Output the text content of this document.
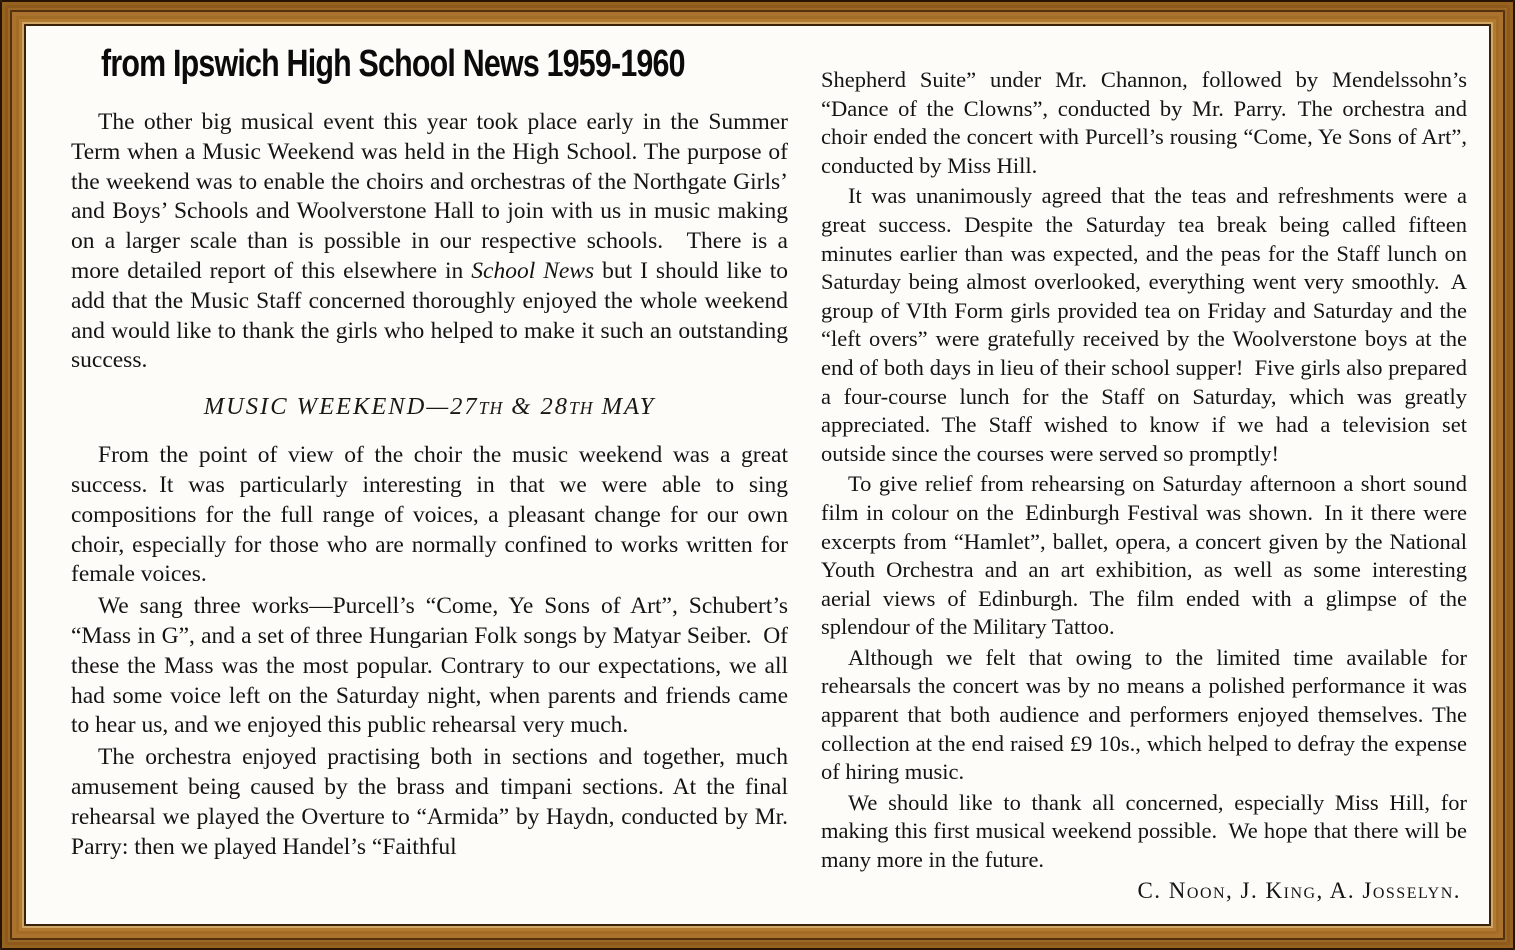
from Ipswich High School News 1959-1960

The other big musical event this year took place early in the Summer Term when a Music Weekend was held in the High School. The purpose of the weekend was to enable the choirs and orchestras of the Northgate Girls’ and Boys’ Schools and Woolverstone Hall to join with us in music making on a larger scale than is possible in our respective schools.  There is a more detailed report of this elsewhere in School News but I should like to add that the Music Staff concerned thoroughly enjoyed the whole weekend and would like to thank the girls who helped to make it such an outstanding success.

MUSIC WEEKEND—27TH & 28TH MAY

From the point of view of the choir the music weekend was a great success. It was particularly interesting in that we were able to sing compositions for the full range of voices, a pleasant change for our own choir, especially for those who are normally confined to works written for female voices.

We sang three works—Purcell’s “Come, Ye Sons of Art”, Schubert’s “Mass in G”, and a set of three Hungarian Folk songs by Matyar Seiber. Of these the Mass was the most popular. Contrary to our expectations, we all had some voice left on the Saturday night, when parents and friends came to hear us, and we enjoyed this public rehearsal very much.

The orchestra enjoyed practising both in sections and together, much amusement being caused by the brass and timpani sections. At the final rehearsal we played the Overture to “Armida” by Haydn, conducted by Mr. Parry: then we played Handel’s “Faithful

Shepherd Suite” under Mr. Channon, followed by Mendelssohn’s “Dance of the Clowns”, conducted by Mr. Parry. The orchestra and choir ended the concert with Purcell’s rousing “Come, Ye Sons of Art”, conducted by Miss Hill.

It was unanimously agreed that the teas and refreshments were a great success. Despite the Saturday tea break being called fifteen minutes earlier than was expected, and the peas for the Staff lunch on Saturday being almost overlooked, everything went very smoothly. A group of VIth Form girls provided tea on Friday and Saturday and the “left overs” were gratefully received by the Woolverstone boys at the end of both days in lieu of their school supper! Five girls also prepared a four-course lunch for the Staff on Saturday, which was greatly appreciated. The Staff wished to know if we had a television set outside since the courses were served so promptly!

To give relief from rehearsing on Saturday afternoon a short sound film in colour on the Edinburgh Festival was shown. In it there were excerpts from “Hamlet”, ballet, opera, a concert given by the National Youth Orchestra and an art exhibition, as well as some interesting aerial views of Edinburgh. The film ended with a glimpse of the splendour of the Military Tattoo.

Although we felt that owing to the limited time available for rehearsals the concert was by no means a polished performance it was apparent that both audience and performers enjoyed themselves. The collection at the end raised £9 10s., which helped to defray the expense of hiring music.

We should like to thank all concerned, especially Miss Hill, for making this first musical weekend possible. We hope that there will be many more in the future.

C. Noon, J. King, A. Josselyn.
